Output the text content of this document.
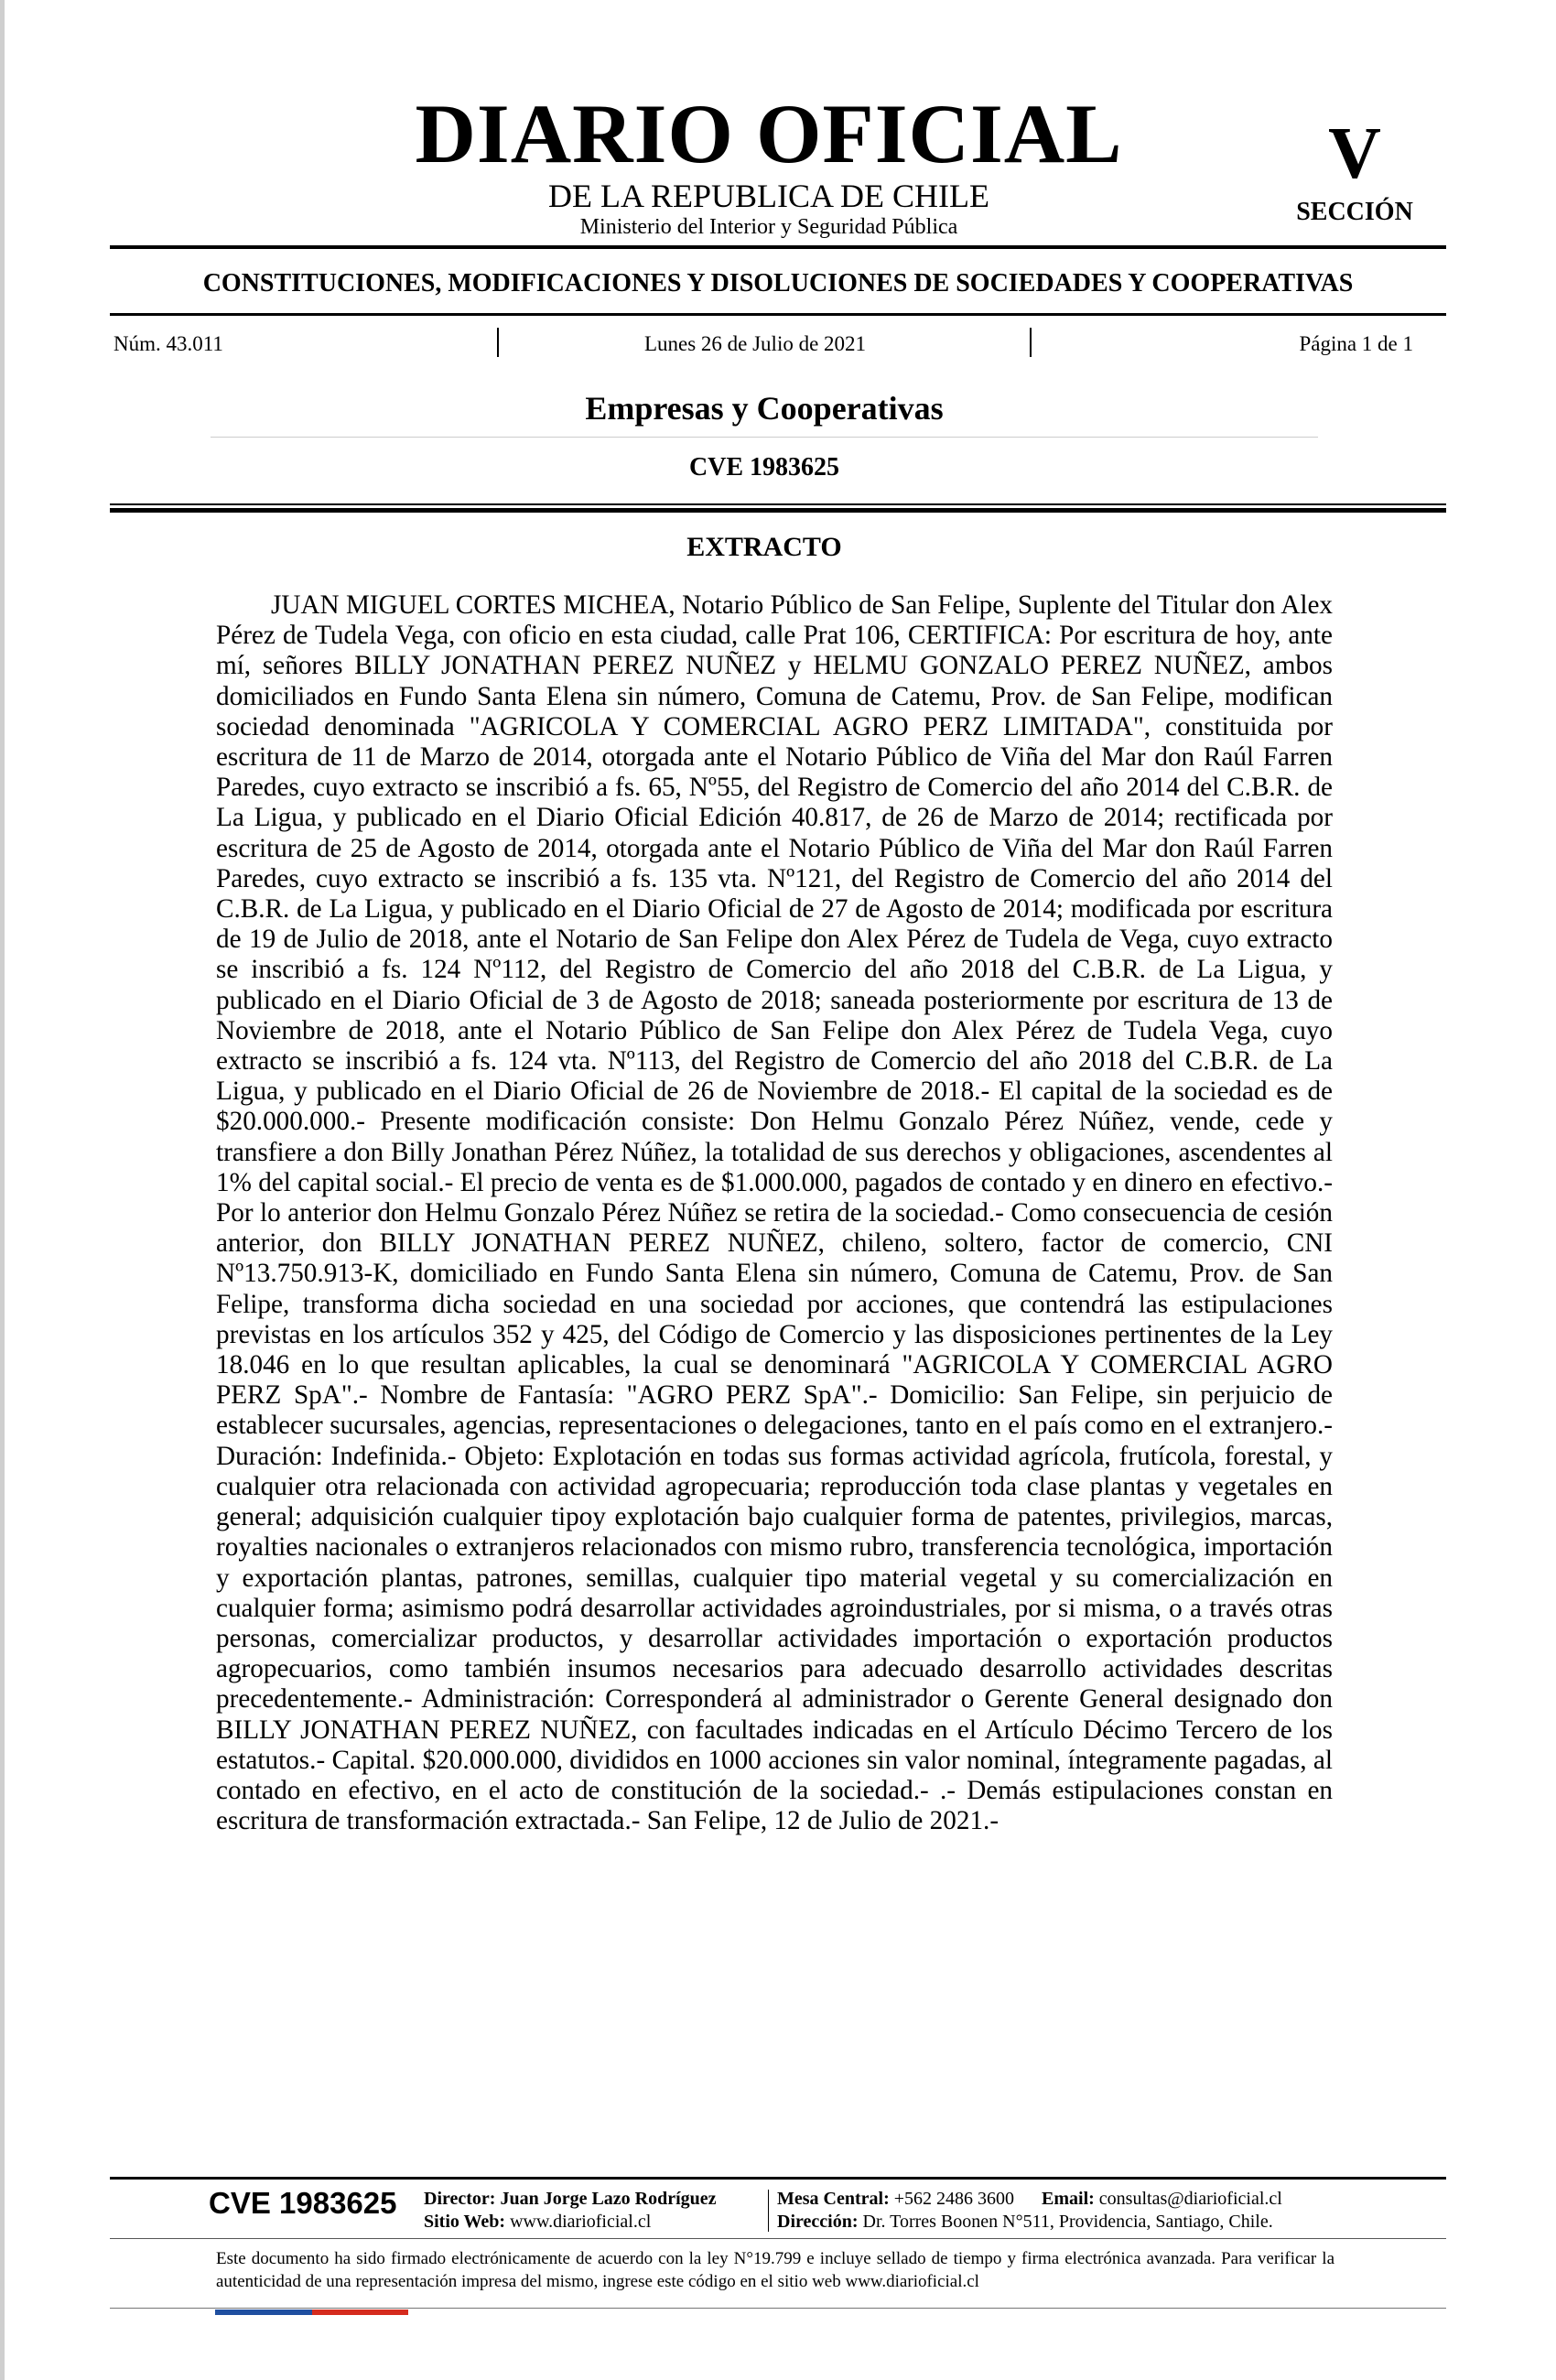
DIARIO OFICIAL
DE LA REPUBLICA DE CHILE
Ministerio del Interior y Seguridad Pública
V
SECCIÓN
CONSTITUCIONES, MODIFICACIONES Y DISOLUCIONES DE SOCIEDADES Y COOPERATIVAS
Núm. 43.011	Lunes 26 de Julio de 2021	Página 1 de 1
Empresas y Cooperativas
CVE 1983625
EXTRACTO

JUAN MIGUEL CORTES MICHEA, Notario Público de San Felipe, Suplente del Titular don Alex Pérez de Tudela Vega, con oficio en esta ciudad, calle Prat 106, CERTIFICA: Por escritura de hoy, ante mí, señores BILLY JONATHAN PEREZ NUÑEZ y HELMU GONZALO PEREZ NUÑEZ, ambos domiciliados en Fundo Santa Elena sin número, Comuna de Catemu, Prov. de San Felipe, modifican sociedad denominada "AGRICOLA Y COMERCIAL AGRO PERZ LIMITADA", constituida por escritura de 11 de Marzo de 2014, otorgada ante el Notario Público de Viña del Mar don Raúl Farren Paredes, cuyo extracto se inscribió a fs. 65, Nº55, del Registro de Comercio del año 2014 del C.B.R. de La Ligua, y publicado en el Diario Oficial Edición 40.817, de 26 de Marzo de 2014; rectificada por escritura de 25 de Agosto de 2014, otorgada ante el Notario Público de Viña del Mar don Raúl Farren Paredes, cuyo extracto se inscribió a fs. 135 vta. Nº121, del Registro de Comercio del año 2014 del C.B.R. de La Ligua, y publicado en el Diario Oficial de 27 de Agosto de 2014; modificada por escritura de 19 de Julio de 2018, ante el Notario de San Felipe don Alex Pérez de Tudela de Vega, cuyo extracto se inscribió a fs. 124 Nº112, del Registro de Comercio del año 2018 del C.B.R. de La Ligua, y publicado en el Diario Oficial de 3 de Agosto de 2018; saneada posteriormente por escritura de 13 de Noviembre de 2018, ante el Notario Público de San Felipe don Alex Pérez de Tudela Vega, cuyo extracto se inscribió a fs. 124 vta. Nº113, del Registro de Comercio del año 2018 del C.B.R. de La Ligua, y publicado en el Diario Oficial de 26 de Noviembre de 2018.- El capital de la sociedad es de $20.000.000.- Presente modificación consiste: Don Helmu Gonzalo Pérez Núñez, vende, cede y transfiere a don Billy Jonathan Pérez Núñez, la totalidad de sus derechos y obligaciones, ascendentes al 1% del capital social.- El precio de venta es de $1.000.000, pagados de contado y en dinero en efectivo.- Por lo anterior don Helmu Gonzalo Pérez Núñez se retira de la sociedad.- Como consecuencia de cesión anterior, don BILLY JONATHAN PEREZ NUÑEZ, chileno, soltero, factor de comercio, CNI Nº13.750.913-K, domiciliado en Fundo Santa Elena sin número, Comuna de Catemu, Prov. de San Felipe, transforma dicha sociedad en una sociedad por acciones, que contendrá las estipulaciones previstas en los artículos 352 y 425, del Código de Comercio y las disposiciones pertinentes de la Ley 18.046 en lo que resultan aplicables, la cual se denominará "AGRICOLA Y COMERCIAL AGRO PERZ SpA".- Nombre de Fantasía: "AGRO PERZ SpA".- Domicilio: San Felipe, sin perjuicio de establecer sucursales, agencias, representaciones o delegaciones, tanto en el país como en el extranjero.- Duración: Indefinida.- Objeto: Explotación en todas sus formas actividad agrícola, frutícola, forestal, y cualquier otra relacionada con actividad agropecuaria; reproducción toda clase plantas y vegetales en general; adquisición cualquier tipoy explotación bajo cualquier forma de patentes, privilegios, marcas, royalties nacionales o extranjeros relacionados con mismo rubro, transferencia tecnológica, importación y exportación plantas, patrones, semillas, cualquier tipo material vegetal y su comercialización en cualquier forma; asimismo podrá desarrollar actividades agroindustriales, por si misma, o a través otras personas, comercializar productos, y desarrollar actividades importación o exportación productos agropecuarios, como también insumos necesarios para adecuado desarrollo actividades descritas precedentemente.- Administración: Corresponderá al administrador o Gerente General designado don BILLY JONATHAN PEREZ NUÑEZ, con facultades indicadas en el Artículo Décimo Tercero de los estatutos.- Capital. $20.000.000, divididos en 1000 acciones sin valor nominal, íntegramente pagadas, al contado en efectivo, en el acto de constitución de la sociedad.- .- Demás estipulaciones constan en escritura de transformación extractada.- San Felipe, 12 de Julio de 2021.-

CVE 1983625 Director: Juan Jorge Lazo Rodríguez
Sitio Web: www.diarioficial.cl
Mesa Central: +562 2486 3600 Email: consultas@diarioficial.cl
Dirección: Dr. Torres Boonen N°511, Providencia, Santiago, Chile.

Este documento ha sido firmado electrónicamente de acuerdo con la ley N°19.799 e incluye sellado de tiempo y firma electrónica avanzada. Para verificar la autenticidad de una representación impresa del mismo, ingrese este código en el sitio web www.diarioficial.cl
